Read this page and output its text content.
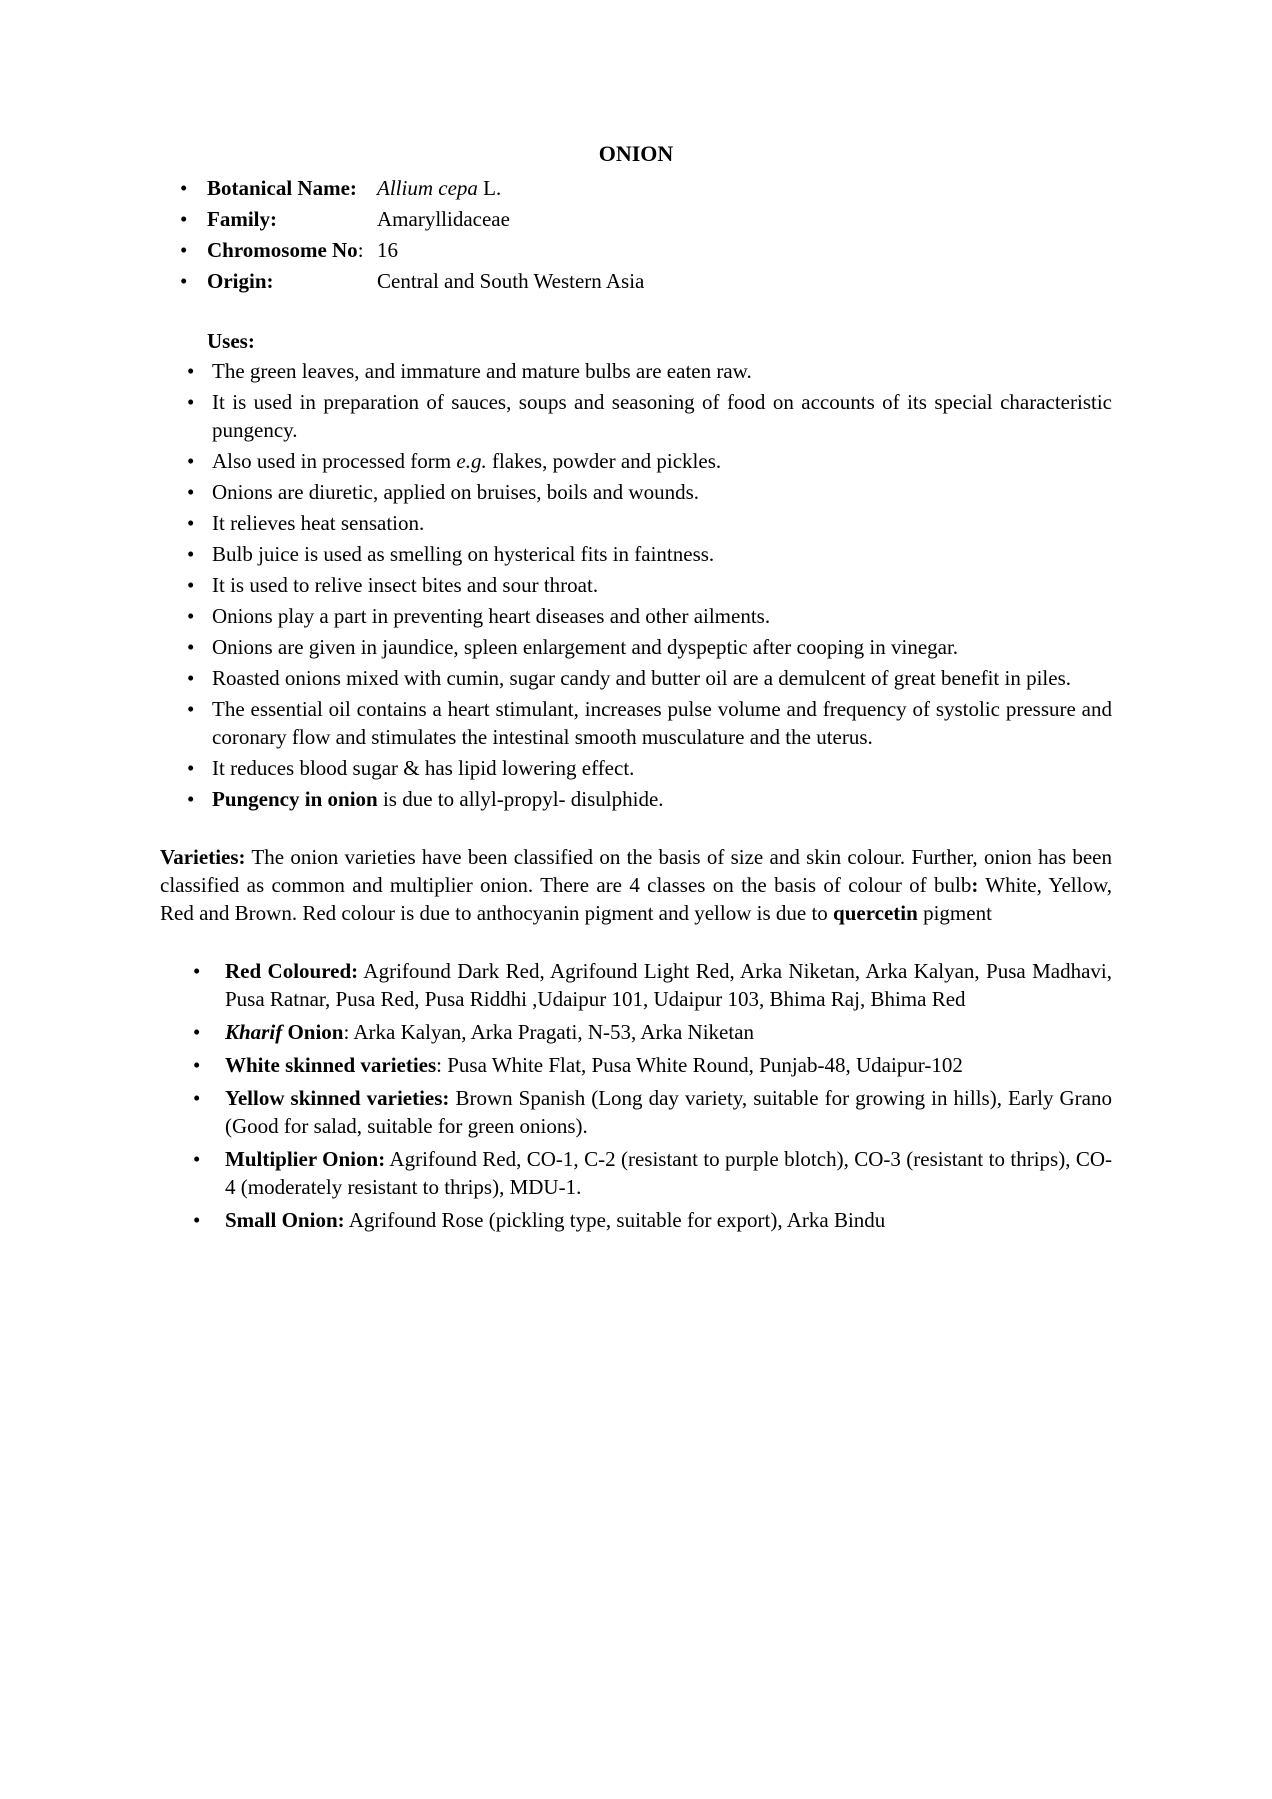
ONION
• Botanical Name: Allium cepa L.
• Family:	Amaryllidaceae
• Chromosome No: 16
• Origin:	Central and South Western Asia
Uses:
• The green leaves, and immature and mature bulbs are eaten raw.
• It is used in preparation of sauces, soups and seasoning of food on accounts of its special characteristic pungency.
• Also used in processed form e.g. flakes, powder and pickles.
• Onions are diuretic, applied on bruises, boils and wounds.
• It relieves heat sensation.
• Bulb juice is used as smelling on hysterical fits in faintness.
• It is used to relive insect bites and sour throat.
• Onions play a part in preventing heart diseases and other ailments.
• Onions are given in jaundice, spleen enlargement and dyspeptic after cooping in vinegar.
• Roasted onions mixed with cumin, sugar candy and butter oil are a demulcent of great benefit in piles.
• The essential oil contains a heart stimulant, increases pulse volume and frequency of systolic pressure and coronary flow and stimulates the intestinal smooth musculature and the uterus.
• It reduces blood sugar & has lipid lowering effect.
• Pungency in onion is due to allyl-propyl- disulphide.

Varieties: The onion varieties have been classified on the basis of size and skin colour. Further, onion has been classified as common and multiplier onion. There are 4 classes on the basis of colour of bulb: White, Yellow, Red and Brown. Red colour is due to anthocyanin pigment and yellow is due to quercetin pigment

• Red Coloured: Agrifound Dark Red, Agrifound Light Red, Arka Niketan, Arka Kalyan, Pusa Madhavi, Pusa Ratnar, Pusa Red, Pusa Riddhi ,Udaipur 101, Udaipur 103, Bhima Raj, Bhima Red
• Kharif Onion: Arka Kalyan, Arka Pragati, N-53, Arka Niketan
• White skinned varieties: Pusa White Flat, Pusa White Round, Punjab-48, Udaipur-102
• Yellow skinned varieties: Brown Spanish (Long day variety, suitable for growing in hills), Early Grano (Good for salad, suitable for green onions).
• Multiplier Onion: Agrifound Red, CO-1, C-2 (resistant to purple blotch), CO-3 (resistant to thrips), CO-4 (moderately resistant to thrips), MDU-1.
• Small Onion: Agrifound Rose (pickling type, suitable for export), Arka Bindu
